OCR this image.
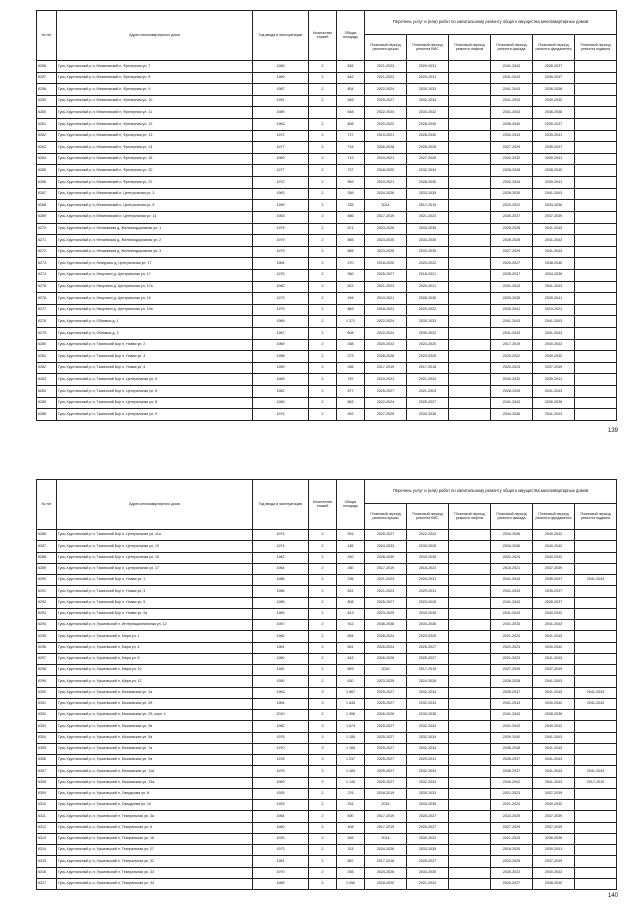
№ п/п	Адрес многоквартирного дома	Год ввода в эксплуатацию	Количество этажей	Общая площадь	Перечень услуг и (или) работ по капитальному ремонту общего имущества многоквартирных домов					
					Плановый период ремонта крыши	Плановый период ремонта ВИС	Плановый период ремонта лифтов	Плановый период ремонта фасада	Плановый период ремонта фундамента	Плановый период ремонта подвала
6256	Гусь-Хрустальный р-н, Мезиновский п, Фрезерная ул, 7	1965	2	645	2021-2023	2029-2031		2041-2043	2035-2037	
6257	Гусь-Хрустальный р-н, Мезиновский п, Фрезерная ул, 8	1969	2	642	2021-2023	2029-2031		2041-2043	2035-2037	
6258	Гусь-Хрустальный р-н, Мезиновский п, Фрезерная ул, 9	1987	2	804	2022-2024	2030-2032		2041-2043	2036-2038	
6259	Гусь-Хрустальный р-н, Мезиновский п, Фрезерная ул, 10	1991	2	645	2025-2027	2032-2034		2041-2043	2040-2042	
6260	Гусь-Хрустальный р-н, Мезиновский п, Фрезерная ул, 11	1989		648	2022-2024	2030-2032		2041-2043	2036-2038	
6261	Гусь-Хрустальный р-н, Мезиновский п, Фрезерная ул, 12	1963	2	808	2020-2022	2028-2030		2038-2040	2035-2037	
6262	Гусь-Хрустальный р-н, Мезиновский п, Фрезерная ул, 13	1972	2	727	2019-2021	2028-2030		2032-2034	2039-2041	
6263	Гусь-Хрустальный р-н, Мезиновский п, Фрезерная ул, 14	1977	2	734	2026-2028	2026-2028		2027-2029	2035-2037	
6264	Гусь-Хрустальный р-н, Мезиновский п, Фрезерная ул, 16	1969	2	719	2019-2021	2027-2029		2032-2032	2039-2041	
6265	Гусь-Хрустальный р-н, Мезиновский п, Фрезерная ул, 20	1977	2	727	2018-2020	2032-2034		2028-2028	2038-2040	
6266	Гусь-Хрустальный р-н, Мезиновский п, Фрезерная ул, 22	1972	2	569	2019-2021	2028-2030		2032-2034	2039-2041	
6267	Гусь-Хрустальный р-н, Мезиновский п, Центральная ул, 3	1963	2	289	2024-2026	2033-2035		2028-2030	2041-2043	
6268	Гусь-Хрустальный р-н, Мезиновский п, Центральная ул, 5	1959	2	335	2014	2017-2019		2020-2022	2034-2036	
6269	Гусь-Хрустальный р-н, Мезиновский п, Центральная ул, 14	1963	2	886	2017-2019	2021-2023		2035-2037	2037-2039	
6270	Гусь-Хрустальный р-н, Нечаевская д, Железнодорожная ул, 1	1979	2	871	2023-2025	2033-2035		2028-2028	2041-2043	
6271	Гусь-Хрустальный р-н, Нечаевская д, Железнодорожная ул, 2	1979	2	865	2023-2025	2033-2035		2028-2028	2041-2043	
6272	Гусь-Хрустальный р-н, Нечаевская д, Железнодорожная ул, 3	1979	2	865	2023-2025	2033-2035		2027-2029	2041-2043	
6273	Гусь-Хрустальный р-н, Нежурино д, Центральная ул, 17	1964	2	270	2018-2020	2020-2022		2025-2027	2038-2040	
6274	Гусь-Хрустальный р-н, Никулино д, Центральная ул, 17	1975	2	360	2025-2027	2018-2021		2035-2037	2034-2036	
6275	Гусь-Хрустальный р-н, Никулино д, Центральная ул, 17а	1982	2	823	2021-2023	2020-2021		2041-2043	2041-2043	
6276	Гусь-Хрустальный р-н, Никулино д, Центральная ул, 19	1973	2	294	2019-2021	2028-2030		2033-2035	2039-2041	
6277	Гусь-Хрустальный р-н, Никулино д, Центральная ул, 19а	1979	2	863	2018-2021	2020-2022		2039-2041	2019-2021	
6278	Гусь-Хрустальный р-н, Обливкы д, 1	1969	2	1 371	2022-2024	2030-2032		2041-2043	2041-2043	
6279	Гусь-Хрустальный р-н, Обливкы д, 2	1967	2	608	2022-2024	2030-2032		2041-2043	2041-2043	
6280	Гусь-Хрустальный р-н, Тасинский Бор п, Новая ул, 2	1969	2	288	2020-2022	2023-2025		2017-2019	2040-2042	
6281	Гусь-Хрустальный р-н, Тасинский Бор п, Новая ул, 3	1958	2	273	2026-2026	2023-2025		2020-2022	2040-2042	
6282	Гусь-Хрустальный р-н, Тасинский Бор п, Новая ул, 4	1959	2	285	2017-2019	2017-2018		2020-2024	2037-2039	
6283	Гусь-Хрустальный р-н, Тасинский Бор п, Центральная ул, 5	1969	2	787	2019-2021	2021-2023		2030-2032	2039-2041	
6284	Гусь-Хрустальный р-н, Тасинский Бор п, Центральная ул, 6	1962	2	877	2025-2027	2021-2023		2028-2026	2041-2043	
6285	Гусь-Хрустальный р-н, Тасинский Бор п, Центральная ул, 8	1965	2	863	2022-2024	2025-2027		2041-2043	2036-2038	
6286	Гусь-Хрустальный р-н, Тасинский Бор п, Центральная ул, 9	1974	2	992	2027-2029	2033-2035		2034-2036	2041-2043	
139
№ п/п	Адрес многоквартирного дома	Год ввода в эксплуатацию	Количество этажей	Общая площадь	Перечень услуг и (или) работ по капитальному ремонту общего имущества многоквартирных домов					
					Плановый период ремонта крыши	Плановый период ремонта ВИС	Плановый период ремонта лифтов	Плановый период ремонта фасада	Плановый период ремонта фундамента	Плановый период ремонта подвала
6286	Гусь-Хрустальный р-н, Тасинский Бор п, Центральная ул, 11а	1974	2	951	2025-2027	2022-2024		2034-2036	2040-2042	
6287	Гусь-Хрустальный р-н, Тасинский Бор п, Центральная ул, 13	1974	2	185	2024-2033	2033-2025		2034-2036	2040-2042	
6288	Гусь-Хрустальный р-н, Тасинский Бор п, Центральная ул, 15	1962	2	240	2028-2030	2033-2035		2022-2024	2040-2042	
6289	Гусь-Хрустальный р-н, Тасинский Бор п, Центральная ул, 17	1964	2	280	2017-2019	2018-2023		2018-2021	2037-2039	
6290	Гусь-Хрустальный р-н, Тасинский Бор п, Новая ул, 1	1985	2	236	2021-2023	2029-2031		2041-2043	2035-2037	2041-2043
6291	Гусь-Хрустальный р-н, Тасинский Бор п, Новая ул, 3	1985	2	831	2021-2023	2029-2031		2041-2043	2035-2037	
6292	Гусь-Хрустальный р-н, Тасинский Бор п, Новая ул, 5	1985	2	808	2025-2027	2023-2025		2041-2043	2035-2037	
6293	Гусь-Хрустальный р-н, Тасинский Бор п, Новая ул, 2а	1983	2	813	2023-2025	2033-2035		2041-2043	2040-2042	
6294	Гусь-Хрустальный р-н, Уршельский п, Интернациональная ул, 12	1957	2	912	2036-2038	2034-2036		2031-2033	2041-2043	
6295	Гусь-Хрустальный р-н, Уршельский п, Мира ул, 1	1962	2	654	2026-2024	2023-2025		2021-2023	2041-2043	
6296	Гусь-Хрустальный р-н, Уршельский п, Мира ул, 4	1961	2	651	2026-2024	2025-2027		2021-2023	2040-2042	
6297	Гусь-Хрустальный р-н, Уршельский п, Мира ул, 6	1960	2	643	2026-2028	2025-2027		2021-2023	2041-2043	
6298	Гусь-Хрустальный р-н, Уршельский п, Мира ул, 10	1942	2	653	2016	2017-2019		2027-2029	2037-2039	
6299	Гусь-Хрустальный р-н, Уршельский п, Мира ул, 12	1950	2	630	2023-2025	2024-2026		2026-2028	2041-2043	
6300	Гусь-Хрустальный р-н, Уршельский п, Московская ул, 1а	1963	3	1 867	2025-2027	2032-2034		2035-2037	2041-2043	2041-2043
6301	Гусь-Хрустальный р-н, Уршельский п, Московская ул, 2б	1964	3	1 845	2025-2027	2032-2034		2041-2043	2040-2042	2041-2043
6302	Гусь-Хрустальный р-н, Уршельский п, Московская ул, 2б, корп. 1	2010	2	1 306	2026-2026	2033-2035		2041-2043	2038-2036	
6303	Гусь-Хрустальный р-н, Уршельский п, Московская ул, 2в	1982	3	1 674	2025-2027	2032-2034		2041-2043	2040-2042	
6304	Гусь-Хрустальный р-н, Уршельский п, Московская ул, 5а	1978	3	1 155	2025-2027	2032-2034		2039-2040	2041-2043	
6305	Гусь-Хрустальный р-н, Уршельский п, Московская ул, 7а	1970	3	1 165	2025-2027	2032-2034		2036-2038	2041-2043	
6306	Гусь-Хрустальный р-н, Уршельский п, Московская ул, 9а	1976	3	1 237	2025-2027	2029-2031		2035-2037	2041-2043	
6307	Гусь-Хрустальный р-н, Уршельский п, Московская ул, 11а	1975	3	1 183	2025-2027	2032-2034		2036-2037	2041-2043	2041-2043
6308	Гусь-Хрустальный р-н, Уршельский п, Московская ул, 13а	1969	3	1 140	2025-2027	2032-2034		2040-2042	2041-2043	2017-2019
6309	Гусь-Хрустальный р-н, Уршельский п, Свердлова ул, 8	1925	2	276	2018-2019	2030-2032		2021-2023	2037-2039	
6310	Гусь-Хрустальный р-н, Уршельский п, Свердлова ул, 10	1929	2	331	2015	2033-2035		2021-2023	2040-2042	
6311	Гусь-Хрустальный р-н, Уршельский п, Театральная ул, 3а	1954	2	500	2017-2019	2025-2027		2023-2025	2037-2039	
6312	Гусь-Хрустальный р-н, Уршельский п, Театральная ул, 6	1960	2	408	2017-2019	2025-2027		2027-2029	2037-2039	
6313	Гусь-Хрустальный р-н, Уршельский п, Театральная ул, 16	1933	2	455	2014	2030-2032		2021-2023	2036-2038	
6314	Гусь-Хрустальный р-н, Уршельский п, Театральная ул, 27	1973	2	313	2024-2026	2033-2035		2018-2020	2039-2041	
6315	Гусь-Хрустальный р-н, Уршельский п, Театральная ул, 32	1961	2	887	2017-2018	2025-2027		2023-2025	2037-2039	
6316	Гусь-Хрустальный р-н, Уршельский п, Театральная ул, 33	1970	2	255	2024-2026	2033-2035		2025-2022	2040-2042	
6317	Гусь-Хрустальный р-н, Уршельский п, Театральная ул, 34	1965	2	1 050	2018-2020	2021-2023		2025-2027	2038-2040	
140
